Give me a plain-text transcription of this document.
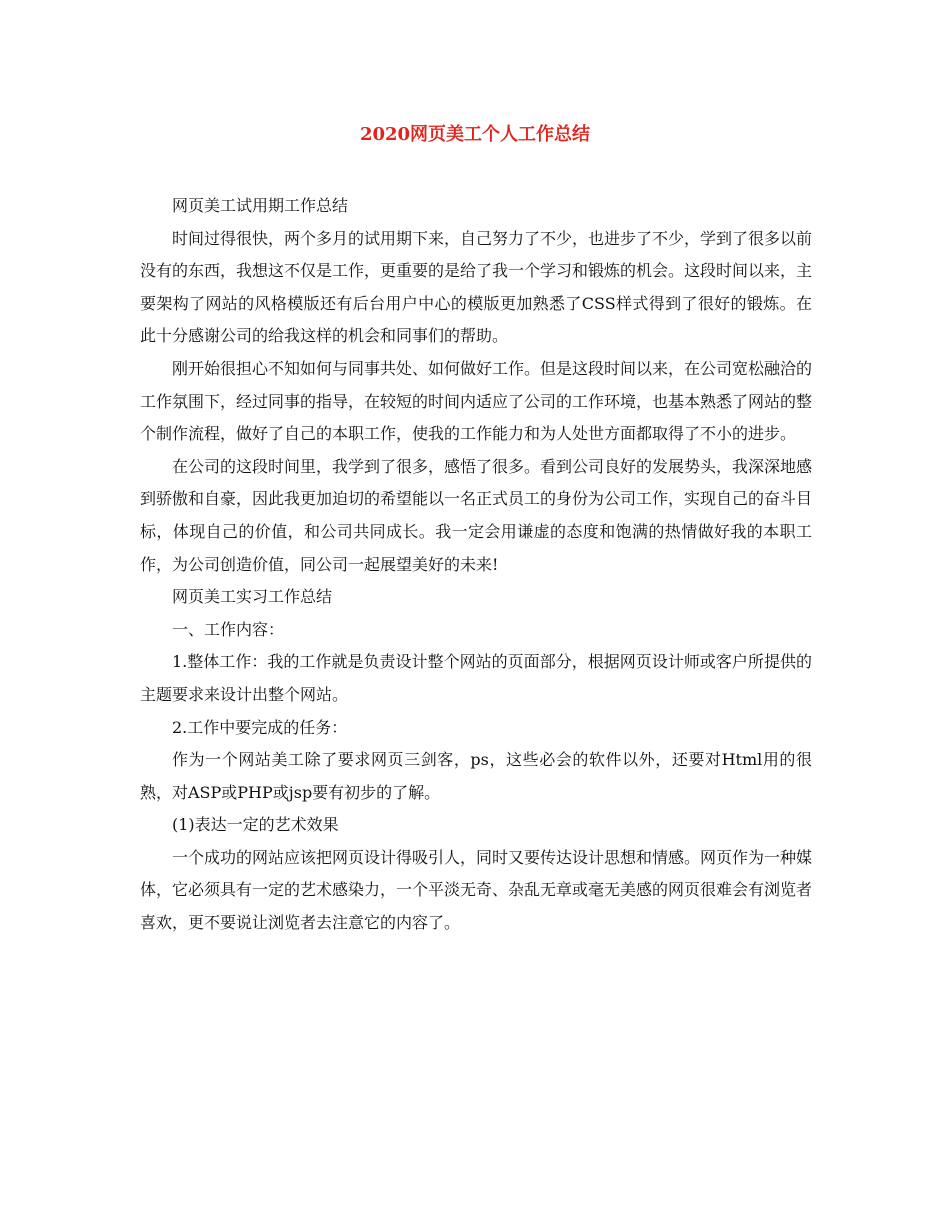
2020网页美工个人工作总结

网页美工试用期工作总结

时间过得很快，两个多月的试用期下来，自己努力了不少，也进步了不少，学到了很多以前没有的东西，我想这不仅是工作，更重要的是给了我一个学习和锻炼的机会。这段时间以来，主要架构了网站的风格模版还有后台用户中心的模版更加熟悉了CSS样式得到了很好的锻炼。在此十分感谢公司的给我这样的机会和同事们的帮助。

刚开始很担心不知如何与同事共处、如何做好工作。但是这段时间以来，在公司宽松融洽的工作氛围下，经过同事的指导，在较短的时间内适应了公司的工作环境，也基本熟悉了网站的整个制作流程，做好了自己的本职工作，使我的工作能力和为人处世方面都取得了不小的进步。

在公司的这段时间里，我学到了很多，感悟了很多。看到公司良好的发展势头，我深深地感到骄傲和自豪，因此我更加迫切的希望能以一名正式员工的身份为公司工作，实现自己的奋斗目标，体现自己的价值，和公司共同成长。我一定会用谦虚的态度和饱满的热情做好我的本职工作，为公司创造价值，同公司一起展望美好的未来!

网页美工实习工作总结

一、工作内容：

1.整体工作：我的工作就是负责设计整个网站的页面部分，根据网页设计师或客户所提供的主题要求来设计出整个网站。

2.工作中要完成的任务：

作为一个网站美工除了要求网页三剑客，ps，这些必会的软件以外，还要对Html用的很熟，对ASP或PHP或jsp要有初步的了解。

(1)表达一定的艺术效果

一个成功的网站应该把网页设计得吸引人，同时又要传达设计思想和情感。网页作为一种媒体，它必须具有一定的艺术感染力，一个平淡无奇、杂乱无章或毫无美感的网页很难会有浏览者喜欢，更不要说让浏览者去注意它的内容了。
